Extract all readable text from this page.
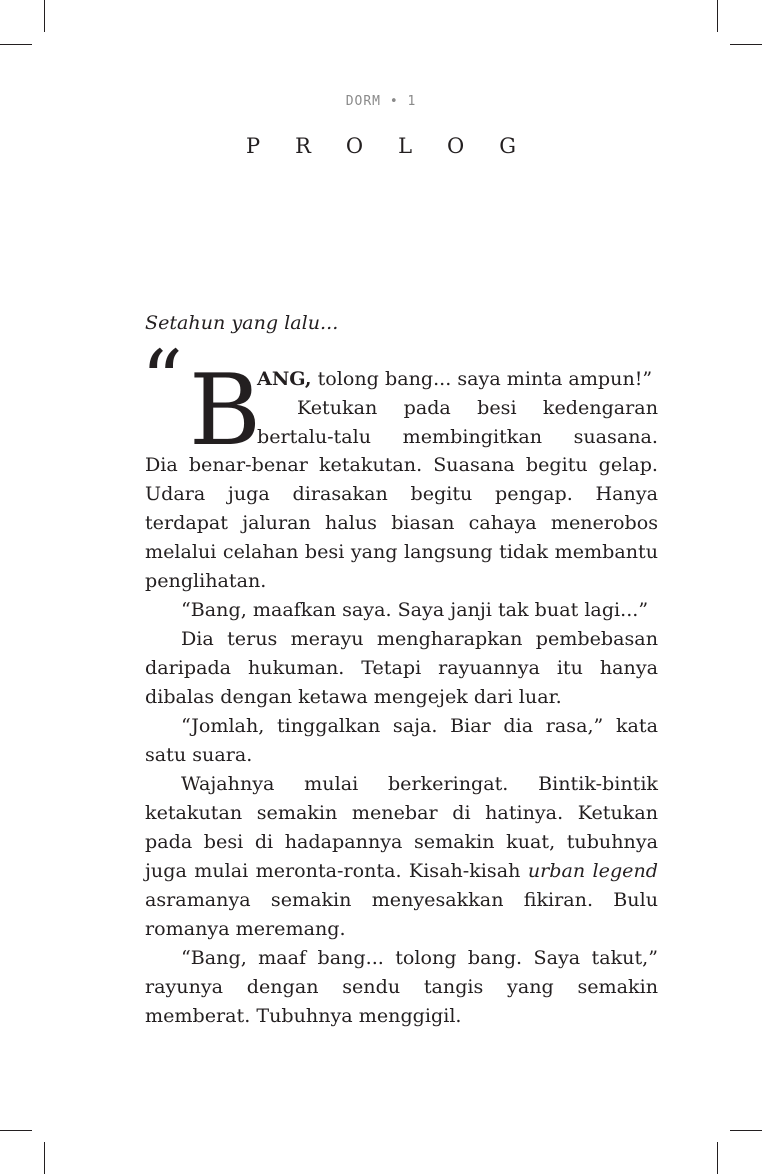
DORM • 1
PROLOG
Setahun yang lalu...
“ B
ANG, tolong bang... saya minta ampun!”
Ketukan pada besi kedengaran
bertalu-talu membingitkan suasana.

Dia benar-benar ketakutan. Suasana begitu gelap. Udara juga dirasakan begitu pengap. Hanya terdapat jaluran halus biasan cahaya menerobos melalui celahan besi yang langsung tidak membantu penglihatan.

“Bang, maafkan saya. Saya janji tak buat lagi...”

Dia terus merayu mengharapkan pembebasan daripada hukuman. Tetapi rayuannya itu hanya dibalas dengan ketawa mengejek dari luar.

“Jomlah, tinggalkan saja. Biar dia rasa,” kata satu suara.

Wajahnya mulai berkeringat. Bintik-bintik ketakutan semakin menebar di hatinya. Ketukan pada besi di hadapannya semakin kuat, tubuhnya juga mulai meronta-ronta. Kisah-kisah urban legend asramanya semakin menyesakkan fikiran. Bulu romanya meremang.

“Bang, maaf bang... tolong bang. Saya takut,” rayunya dengan sendu tangis yang semakin memberat. Tubuhnya menggigil.
